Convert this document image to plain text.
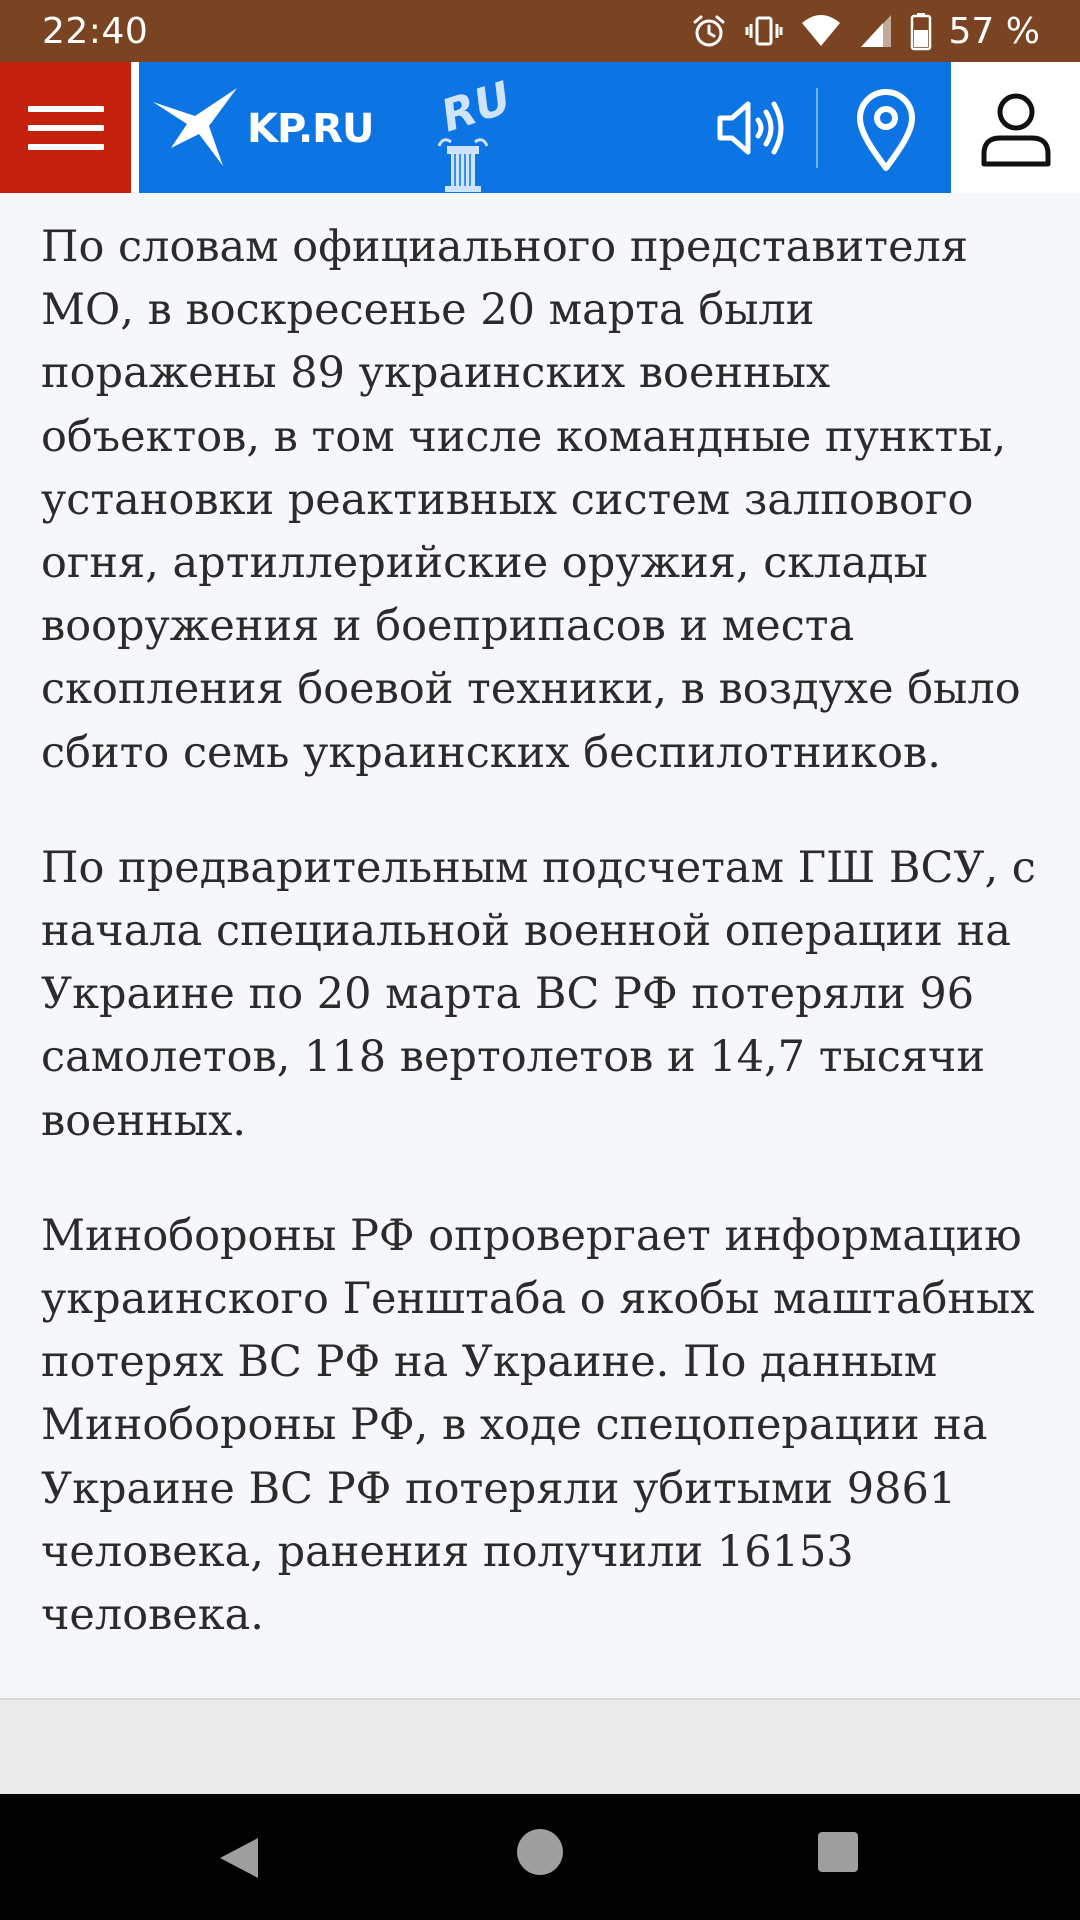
22:40	57 %
KP.RU RU

По словам официального представителя МО, в воскресенье 20 марта были поражены 89 украинских военных объектов, в том числе командные пункты, установки реактивных систем залпового огня, артиллерийские оружия, склады вооружения и боеприпасов и места скопления боевой техники, в воздухе было сбито семь украинских беспилотников.

По предварительным подсчетам ГШ ВСУ, с начала специальной военной операции на Украине по 20 марта ВС РФ потеряли 96 самолетов, 118 вертолетов и 14,7 тысячи военных.

Минобороны РФ опровергает информацию украинского Генштаба о якобы маштабных потерях ВС РФ на Украине. По данным Минобороны РФ, в ходе спецоперации на Украине ВС РФ потеряли убитыми 9861 человека, ранения получили 16153 человека.
